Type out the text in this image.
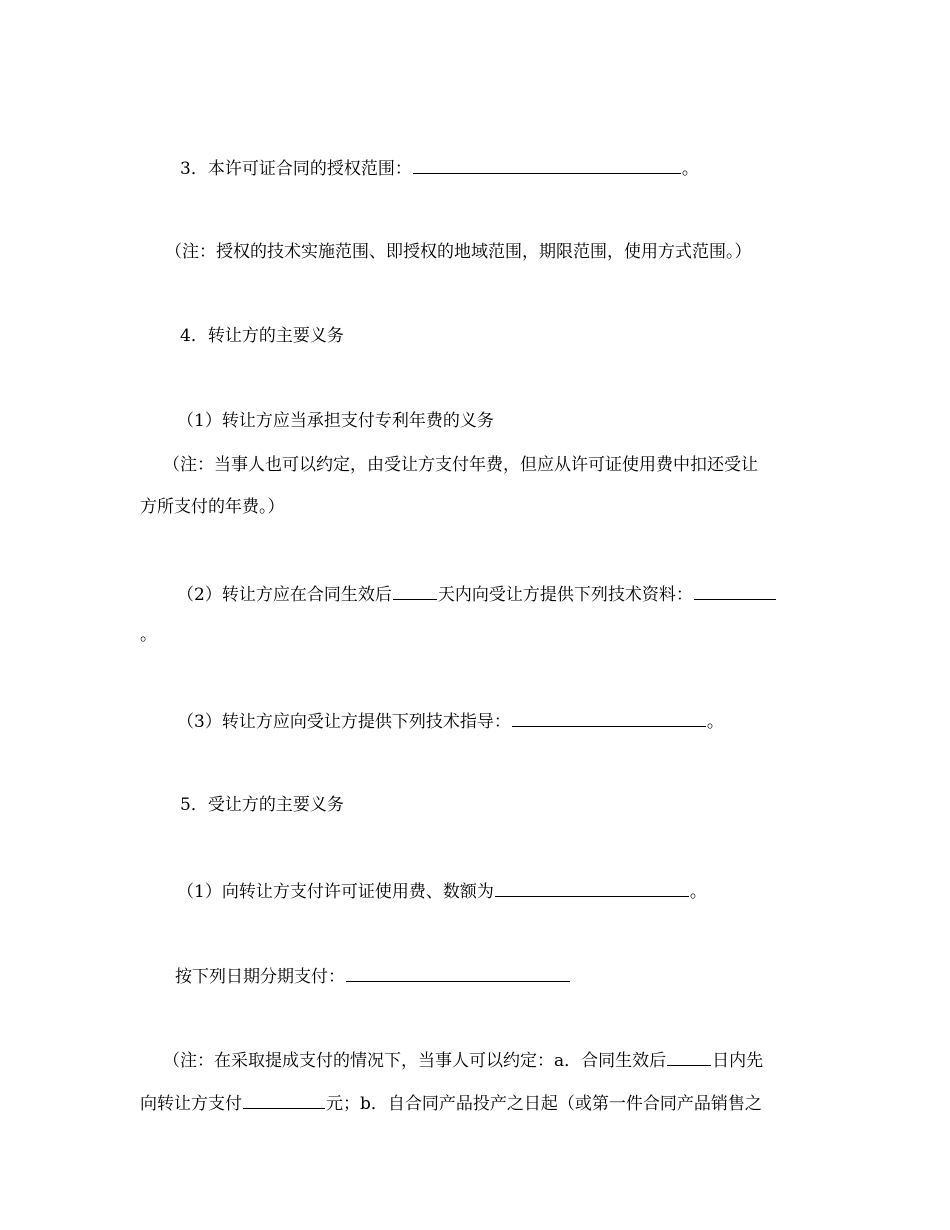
3．本许可证合同的授权范围：	。
（注：授权的技术实施范围、即授权的地域范围，期限范围，使用方式范围。）
4．转让方的主要义务
（1）转让方应当承担支付专利年费的义务
（注：当事人也可以约定，由受让方支付年费，但应从许可证使用费中扣还受让
方所支付的年费。）
（2）转让方应在合同生效后	天内向受让方提供下列技术资料：
。
（3）转让方应向受让方提供下列技术指导：	。
5．受让方的主要义务
（1）向转让方支付许可证使用费、数额为	。
按下列日期分期支付：
（注：在采取提成支付的情况下，当事人可以约定：a．合同生效后	日内先
向转让方支付	元；b．自合同产品投产之日起（或第一件合同产品销售之
